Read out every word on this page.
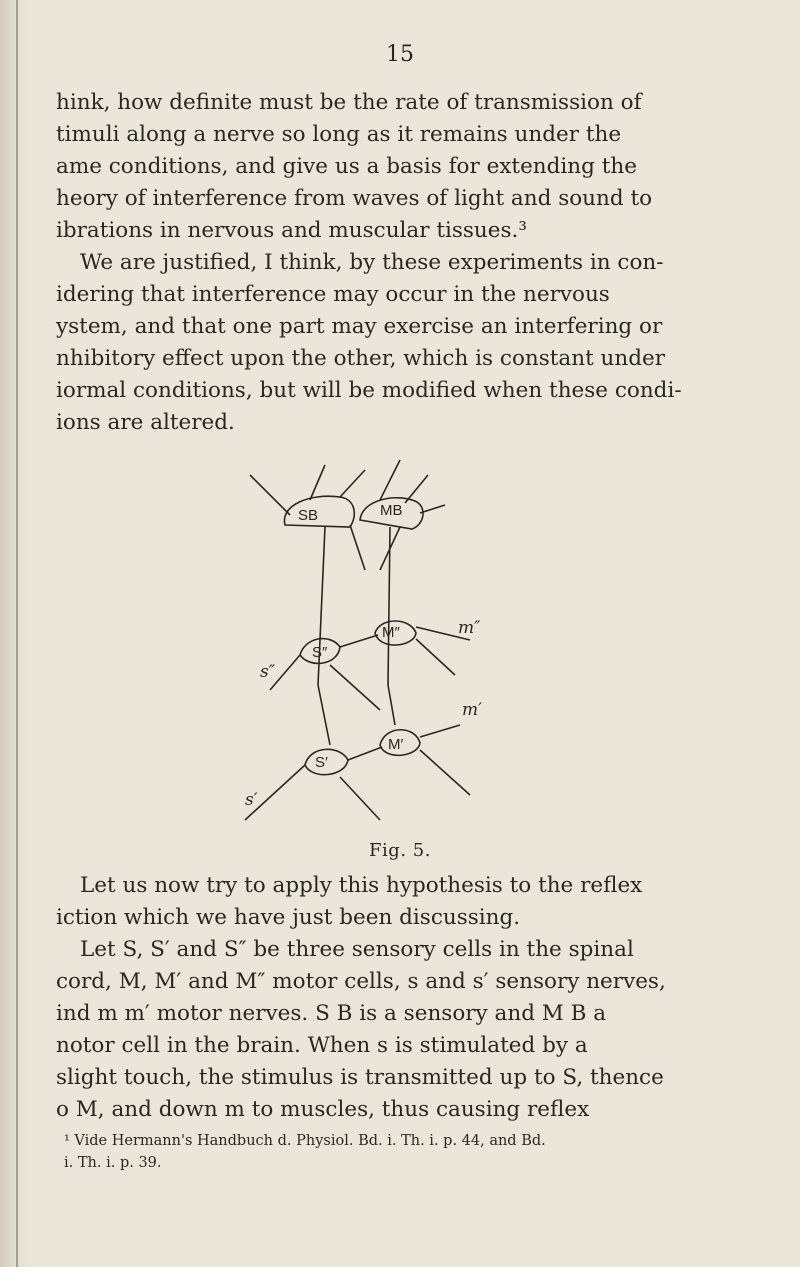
15
hink, how definite must be the rate of transmission of
timuli along a nerve so long as it remains under the
ame conditions, and give us a basis for extending the
heory of interference from waves of light and sound to
ibrations in nervous and muscular tissues.³
We are justified, I think, by these experiments in con-
idering that interference may occur in the nervous
ystem, and that one part may exercise an interfering or
nhibitory effect upon the other, which is constant under
iormal conditions, but will be modified when these condi-
ions are altered.
SB	MB
S″
M″
S′
M′
s″
m″
s′
m′
Fig. 5.
Let us now try to apply this hypothesis to the reflex
iction which we have just been discussing.
Let S, S′ and S″ be three sensory cells in the spinal
cord, M, M′ and M″ motor cells, s and s′ sensory nerves,
ind m m′ motor nerves. S B is a sensory and M B a
notor cell in the brain. When s is stimulated by a
slight touch, the stimulus is transmitted up to S, thence
o M, and down m to muscles, thus causing reflex
¹ Vide Hermann's Handbuch d. Physiol. Bd. i. Th. i. p. 44, and Bd.
i. Th. i. p. 39.
